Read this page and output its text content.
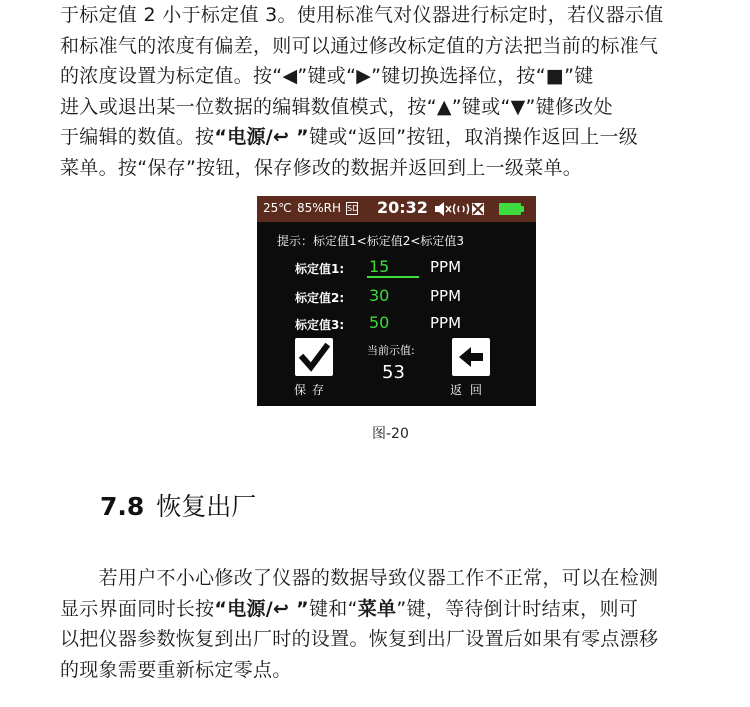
于标定值 2 小于标定值 3。使用标准气对仪器进行标定时，若仪器示值

和标准气的浓度有偏差，则可以通过修改标定值的方法把当前的标准气

的浓度设置为标定值。按“◀”键或“▶”键切换选择位，按“■”键

进入或退出某一位数据的编辑数值模式，按“▲”键或“▼”键修改处

于编辑的数值。按“电源/↩ ”键或“返回”按钮，取消操作返回上一级

菜单。按“保存”按钮，保存修改的数据并返回到上一级菜单。

25℃ 85%RH SD 20:32
提示：标定值1<标定值2<标定值3
标定值1: 15	PPM
标定值2: 30	PPM
标定值3: 50	PPM
保存
当前示值:
53
返回
图-20
7.8 恢复出厂

  若用户不小心修改了仪器的数据导致仪器工作不正常，可以在检测

显示界面同时长按“电源/↩ ”键和“菜单”键，等待倒计时结束，则可

以把仪器参数恢复到出厂时的设置。恢复到出厂设置后如果有零点漂移

的现象需要重新标定零点。
